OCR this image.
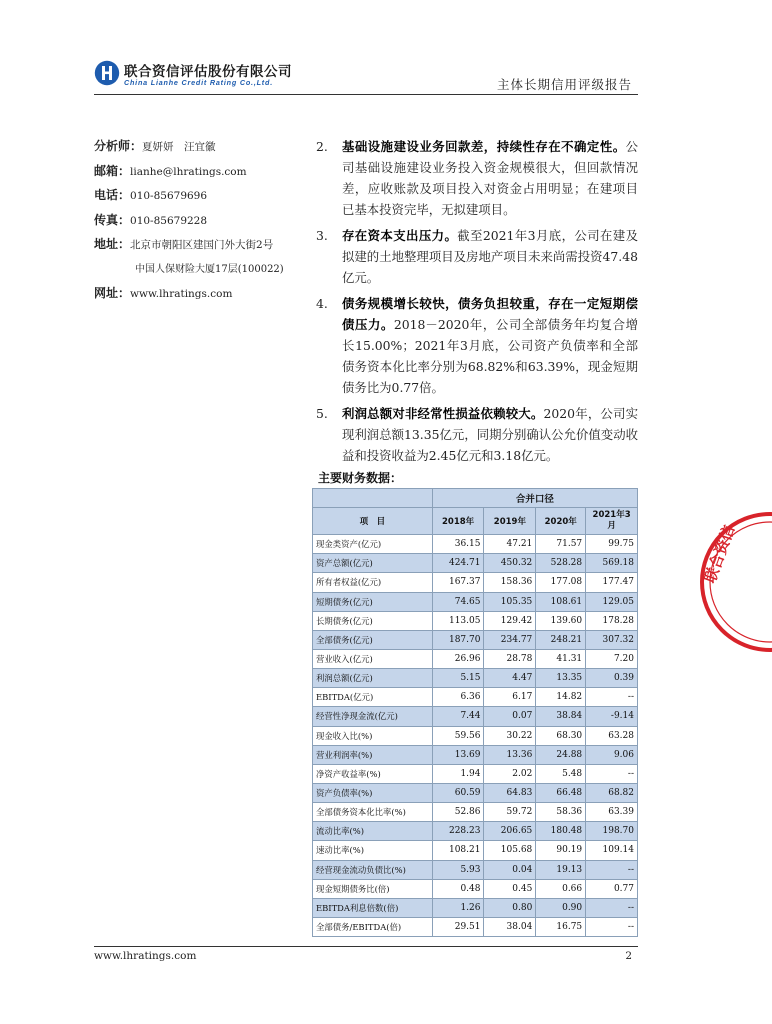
联合资信评估股份有限公司
China Lianhe Credit Rating Co.,Ltd.	主体长期信用评级报告
分析师：夏妍妍　汪宜徽
邮箱：lianhe@lhratings.com
电话：010-85679696
传真：010-85679228
地址：北京市朝阳区建国门外大街2号
中国人保财险大厦17层(100022)
网址：www.lhratings.com
2. 基础设施建设业务回款差，持续性存在不确定性。公司基础设施建设业务投入资金规模很大，但回款情况差，应收账款及项目投入对资金占用明显；在建项目已基本投资完毕，无拟建项目。
3. 存在资本支出压力。截至2021年3月底，公司在建及拟建的土地整理项目及房地产项目未来尚需投资47.48亿元。
4. 债务规模增长较快，债务负担较重，存在一定短期偿债压力。2018－2020年，公司全部债务年均复合增长15.00%；2021年3月底，公司资产负债率和全部债务资本化比率分别为68.82%和63.39%，现金短期债务比为0.77倍。
5. 利润总额对非经常性损益依赖较大。2020年，公司实现利润总额13.35亿元，同期分别确认公允价值变动收益和投资收益为2.45亿元和3.18亿元。
主要财务数据：
	合并口径			
项　目	2018年	2019年	2020年	2021年3月
现金类资产(亿元)	36.15	47.21	71.57	99.75
资产总额(亿元)	424.71	450.32	528.28	569.18
所有者权益(亿元)	167.37	158.36	177.08	177.47
短期债务(亿元)	74.65	105.35	108.61	129.05
长期债务(亿元)	113.05	129.42	139.60	178.28
全部债务(亿元)	187.70	234.77	248.21	307.32
营业收入(亿元)	26.96	28.78	41.31	7.20
利润总额(亿元)	5.15	4.47	13.35	0.39
EBITDA(亿元)	6.36	6.17	14.82	--
经营性净现金流(亿元)	7.44	0.07	38.84	-9.14
现金收入比(%)	59.56	30.22	68.30	63.28
营业利润率(%)	13.69	13.36	24.88	9.06
净资产收益率(%)	1.94	2.02	5.48	--
资产负债率(%)	60.59	64.83	66.48	68.82
全部债务资本化比率(%)	52.86	59.72	58.36	63.39
流动比率(%)	228.23	206.65	180.48	198.70
速动比率(%)	108.21	105.68	90.19	109.14
经营现金流动负债比(%)	5.93	0.04	19.13	--
现金短期债务比(倍)	0.48	0.45	0.66	0.77
EBITDA利息倍数(倍)	1.26	0.80	0.90	--
全部债务/EBITDA(倍)	29.51	38.04	16.75	--
联合资信
www.lhratings.com	2
